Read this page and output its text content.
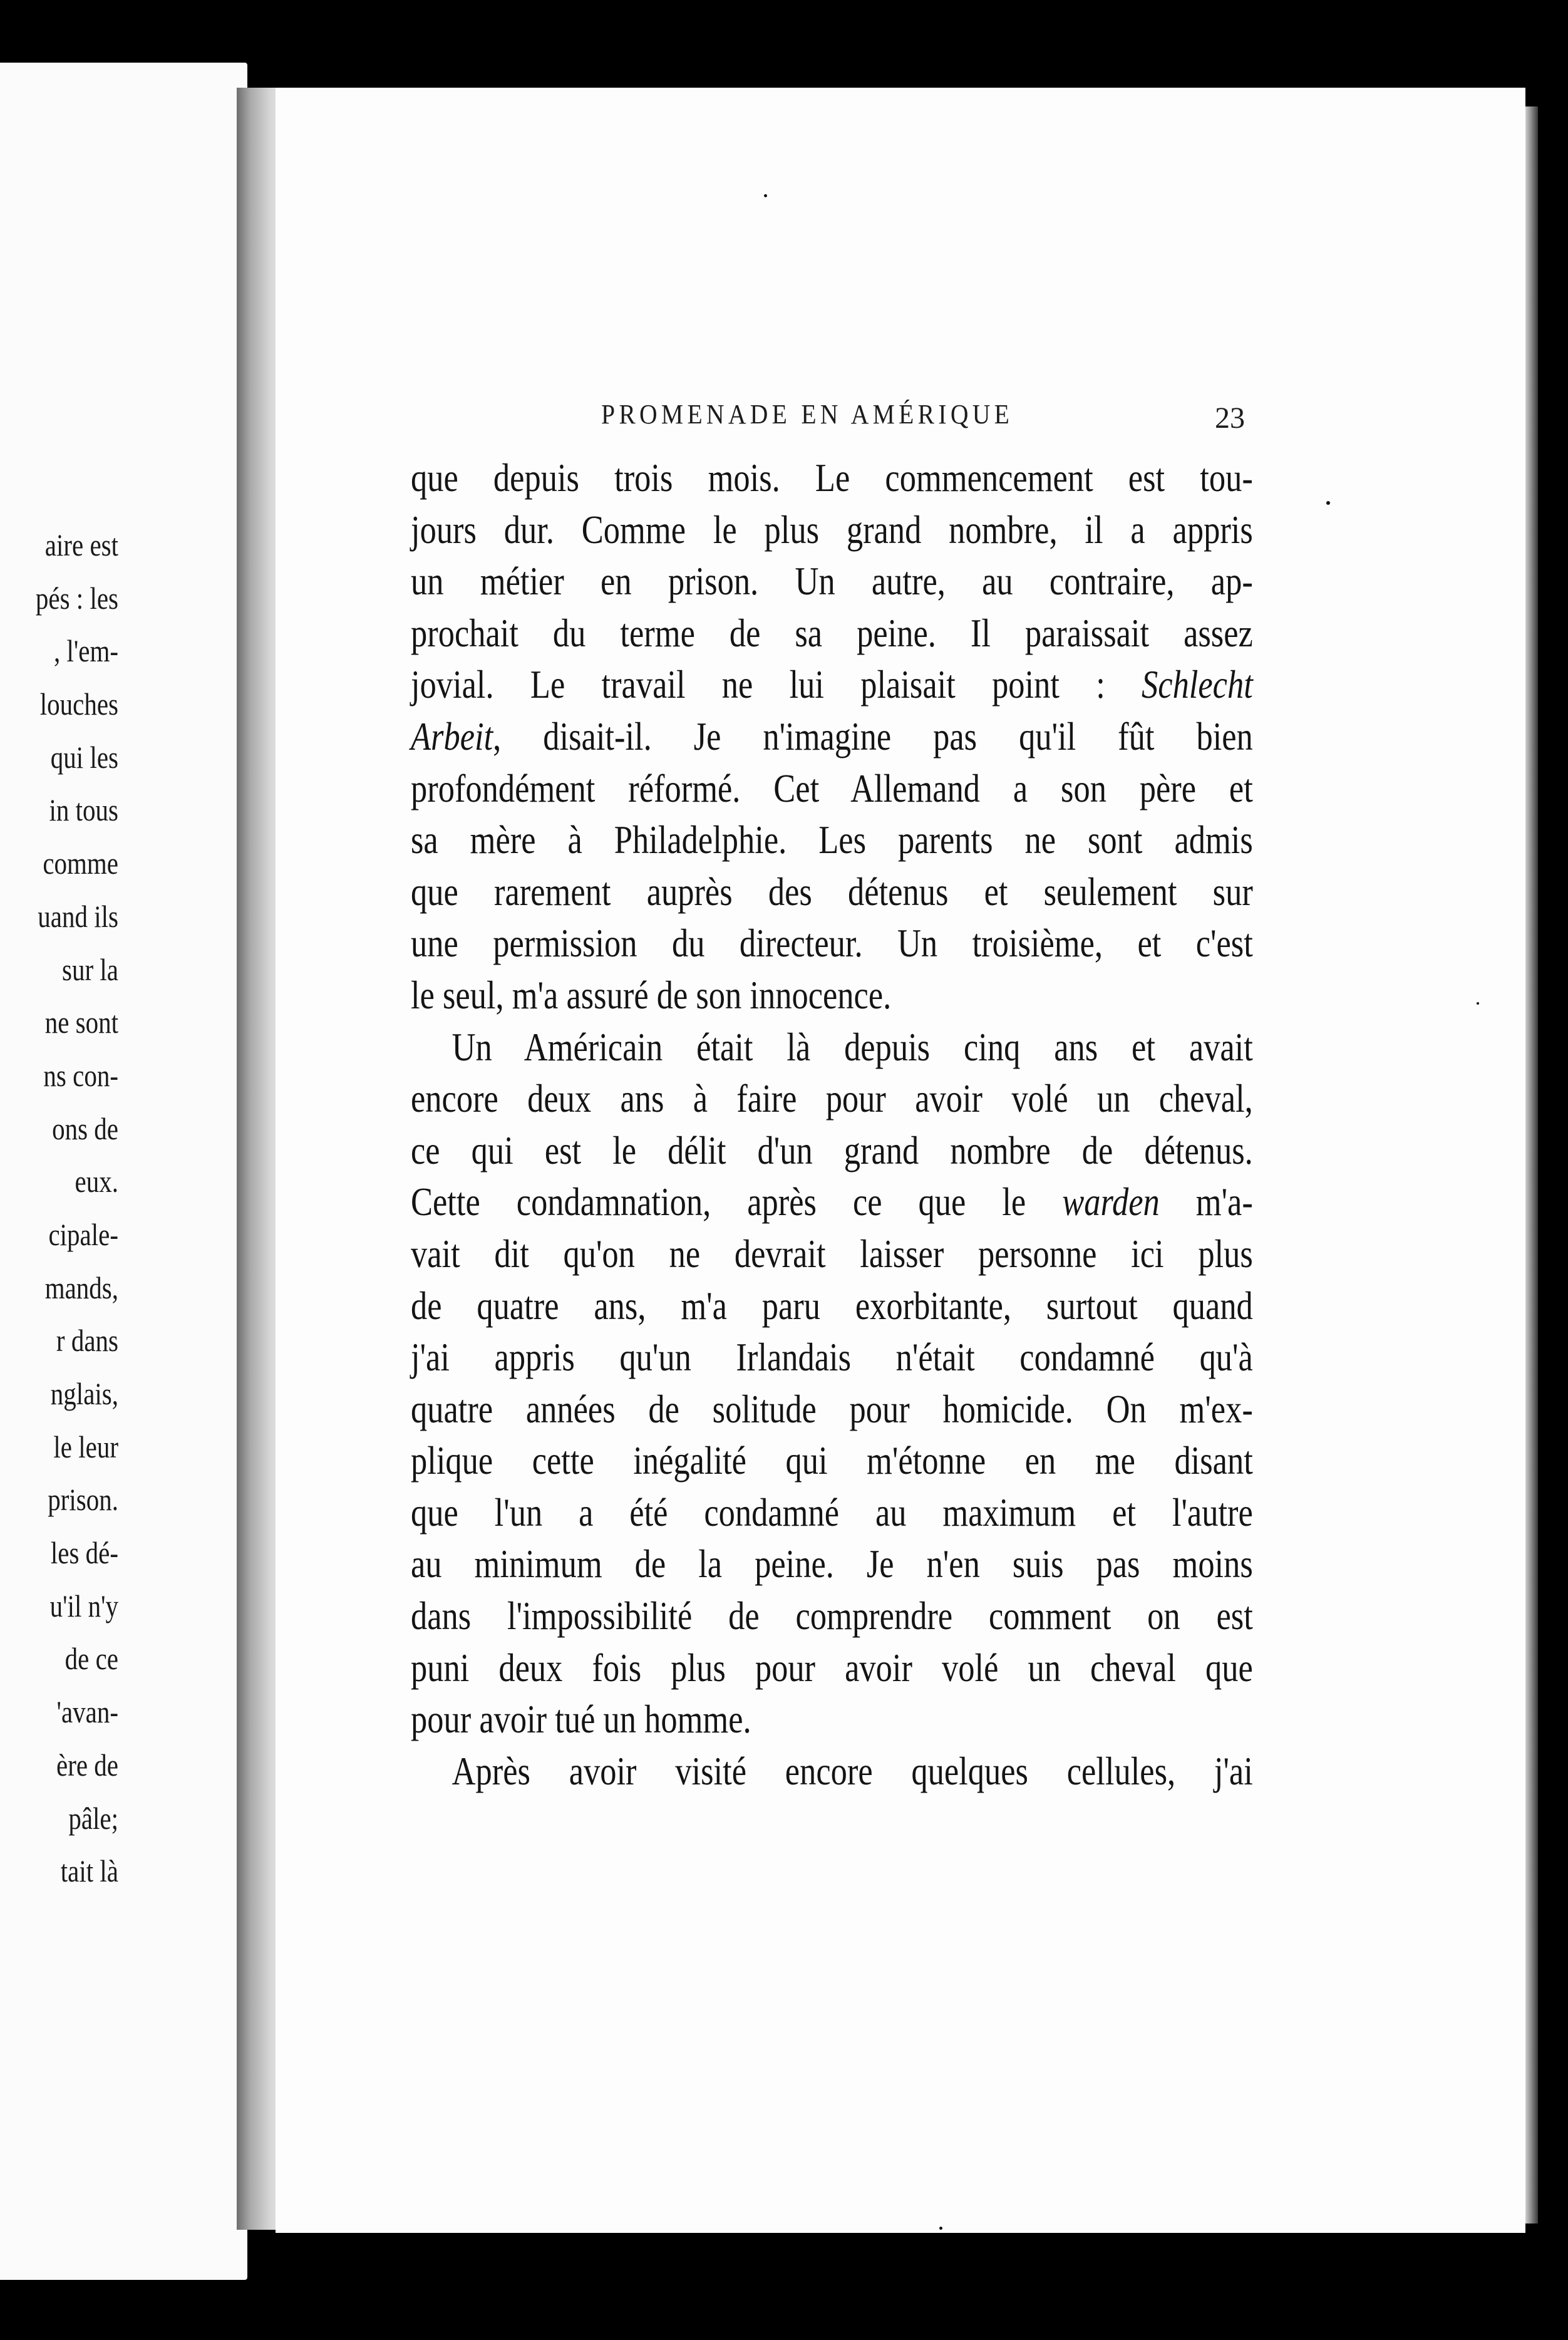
aire est
pés : les
, l'em-
louches
qui les
in tous
comme
uand ils
sur la
ne sont
ns con-
ons de
eux.
cipale-
mands,
r dans
nglais,
le leur
prison.
les dé-
u'il n'y
de ce
'avan-
ère de
pâle;
tait là
PROMENADE EN AMÉRIQUE	23
que depuis trois mois. Le commencement est tou-
jours dur. Comme le plus grand nombre, il a appris
un métier en prison. Un autre, au contraire, ap-
prochait du terme de sa peine. Il paraissait assez
jovial. Le travail ne lui plaisait point : Schlecht
Arbeit, disait-il. Je n'imagine pas qu'il fût bien
profondément réformé. Cet Allemand a son père et
sa mère à Philadelphie. Les parents ne sont admis
que rarement auprès des détenus et seulement sur
une permission du directeur. Un troisième, et c'est
le seul, m'a assuré de son innocence.
Un Américain était là depuis cinq ans et avait
encore deux ans à faire pour avoir volé un cheval,
ce qui est le délit d'un grand nombre de détenus.
Cette condamnation, après ce que le warden m'a-
vait dit qu'on ne devrait laisser personne ici plus
de quatre ans, m'a paru exorbitante, surtout quand
j'ai appris qu'un Irlandais n'était condamné qu'à
quatre années de solitude pour homicide. On m'ex-
plique cette inégalité qui m'étonne en me disant
que l'un a été condamné au maximum et l'autre
au minimum de la peine. Je n'en suis pas moins
dans l'impossibilité de comprendre comment on est
puni deux fois plus pour avoir volé un cheval que
pour avoir tué un homme.
Après avoir visité encore quelques cellules, j'ai
